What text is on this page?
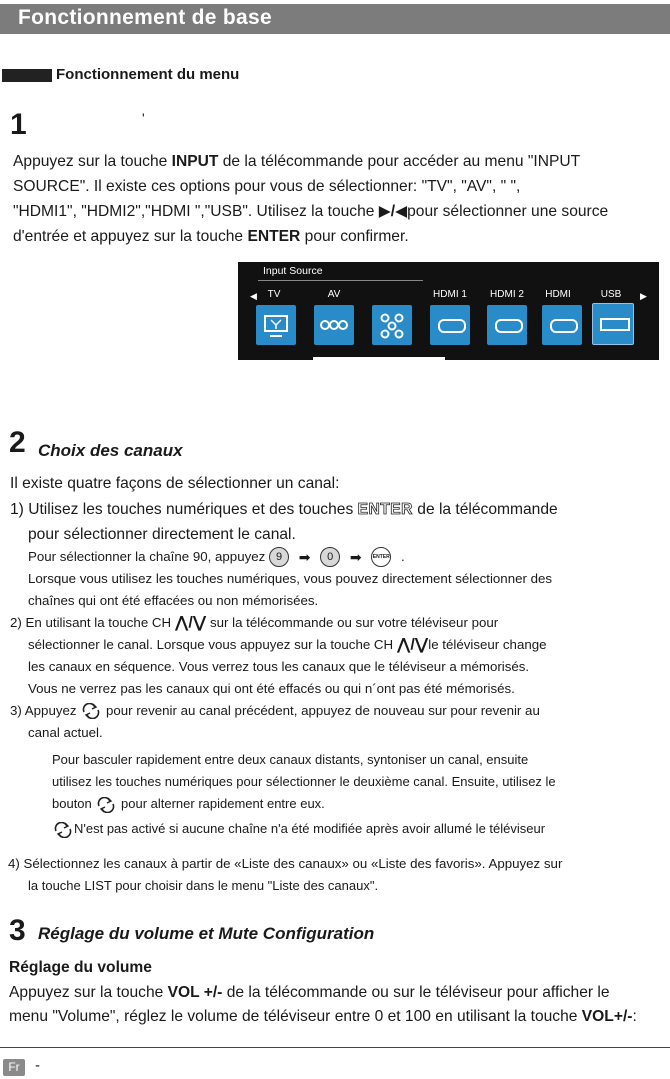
Fonctionnement de base
Fonctionnement du menu
1	'
Appuyez sur la touche INPUT de la télécommande pour accéder au menu "INPUT
SOURCE". Il existe ces options pour vous de sélectionner: "TV", "AV", " ",
"HDMI1", "HDMI2","HDMI ","USB". Utilisez la touche ▶/◀pour sélectionner une source
d'entrée et appuyez sur la touche ENTER pour confirmer.
Input Source
◀	▶
TV	AV	HDMI 1	HDMI 2	HDMI	USB
2 Choix des canaux
Il existe quatre façons de sélectionner un canal:
1) Utilisez les touches numériques et des touches ENTER de la télécommande
pour sélectionner directement le canal.
Pour sélectionner la chaîne 90, appuyez 9 ➡ 0 ➡ ENTER .
Lorsque vous utilisez les touches numériques, vous pouvez directement sélectionner des
chaînes qui ont été effacées ou non mémorisées.
2) En utilisant la touche CH ⋀/⋁ sur la télécommande ou sur votre téléviseur pour
sélectionner le canal. Lorsque vous appuyez sur la touche CH ⋀/⋁le téléviseur change
les canaux en séquence. Vous verrez tous les canaux que le téléviseur a mémorisés.
Vous ne verrez pas les canaux qui ont été effacés ou qui n´ont pas été mémorisés.
3) Appuyez  pour revenir au canal précédent, appuyez de nouveau sur pour revenir au
canal actuel.
Pour basculer rapidement entre deux canaux distants, syntoniser un canal, ensuite
utilisez les touches numériques pour sélectionner le deuxième canal. Ensuite, utilisez le
bouton  pour alterner rapidement entre eux.
N'est pas activé si aucune chaîne n'a été modifiée après avoir allumé le téléviseur
4) Sélectionnez les canaux à partir de «Liste des canaux» ou «Liste des favoris». Appuyez sur
la touche LIST pour choisir dans le menu "Liste des canaux".
3 Réglage du volume et Mute Configuration
Réglage du volume
Appuyez sur la touche VOL +/- de la télécommande ou sur le téléviseur pour afficher le
menu "Volume", réglez le volume de téléviseur entre 0 et 100 en utilisant la touche VOL+/-:
Fr	-
